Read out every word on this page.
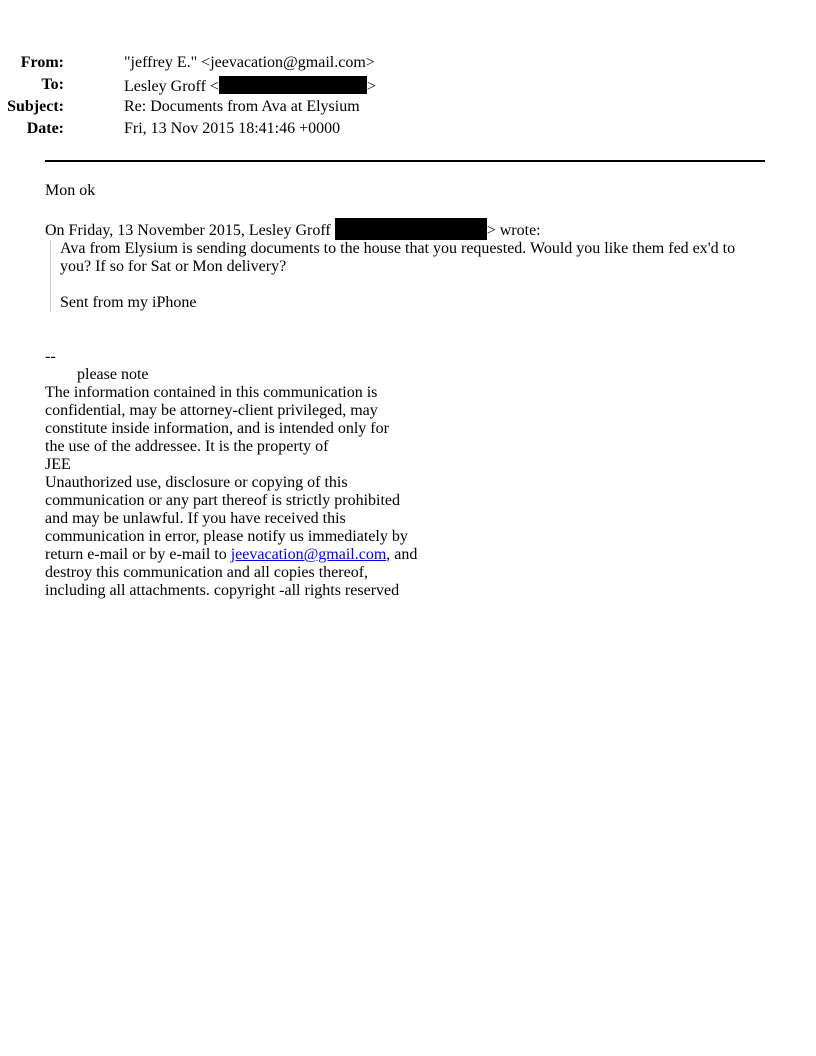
From:	"jeffrey E." <jeevacation@gmail.com>
To:	Lesley Groff <	>
Subject:	Re: Documents from Ava at Elysium
Date:	Fri, 13 Nov 2015 18:41:46 +0000
Mon ok
On Friday, 13 November 2015, Lesley Groff	> wrote:
Ava from Elysium is sending documents to the house that you requested. Would you like them fed ex'd to you? If so for Sat or Mon delivery?
Sent from my iPhone
--
please note
The information contained in this communication is
confidential, may be attorney-client privileged, may
constitute inside information, and is intended only for
the use of the addressee. It is the property of
JEE
Unauthorized use, disclosure or copying of this
communication or any part thereof is strictly prohibited
and may be unlawful. If you have received this
communication in error, please notify us immediately by
return e-mail or by e-mail to jeevacation@gmail.com, and
destroy this communication and all copies thereof,
including all attachments. copyright -all rights reserved
